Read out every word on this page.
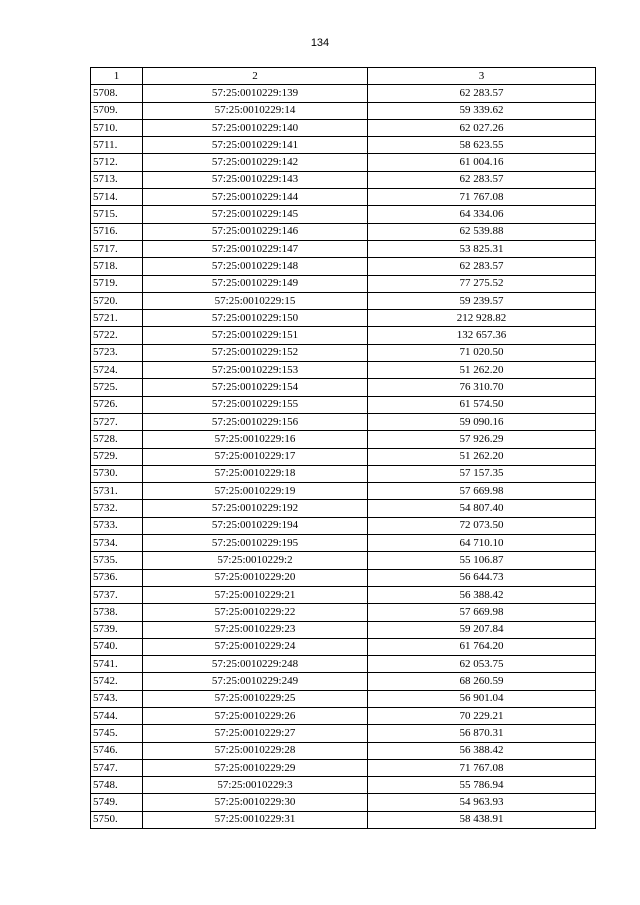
134
1	2	3
5708.	57:25:0010229:139	62 283.57
5709.	57:25:0010229:14	59 339.62
5710.	57:25:0010229:140	62 027.26
5711.	57:25:0010229:141	58 623.55
5712.	57:25:0010229:142	61 004.16
5713.	57:25:0010229:143	62 283.57
5714.	57:25:0010229:144	71 767.08
5715.	57:25:0010229:145	64 334.06
5716.	57:25:0010229:146	62 539.88
5717.	57:25:0010229:147	53 825.31
5718.	57:25:0010229:148	62 283.57
5719.	57:25:0010229:149	77 275.52
5720.	57:25:0010229:15	59 239.57
5721.	57:25:0010229:150	212 928.82
5722.	57:25:0010229:151	132 657.36
5723.	57:25:0010229:152	71 020.50
5724.	57:25:0010229:153	51 262.20
5725.	57:25:0010229:154	76 310.70
5726.	57:25:0010229:155	61 574.50
5727.	57:25:0010229:156	59 090.16
5728.	57:25:0010229:16	57 926.29
5729.	57:25:0010229:17	51 262.20
5730.	57:25:0010229:18	57 157.35
5731.	57:25:0010229:19	57 669.98
5732.	57:25:0010229:192	54 807.40
5733.	57:25:0010229:194	72 073.50
5734.	57:25:0010229:195	64 710.10
5735.	57:25:0010229:2	55 106.87
5736.	57:25:0010229:20	56 644.73
5737.	57:25:0010229:21	56 388.42
5738.	57:25:0010229:22	57 669.98
5739.	57:25:0010229:23	59 207.84
5740.	57:25:0010229:24	61 764.20
5741.	57:25:0010229:248	62 053.75
5742.	57:25:0010229:249	68 260.59
5743.	57:25:0010229:25	56 901.04
5744.	57:25:0010229:26	70 229.21
5745.	57:25:0010229:27	56 870.31
5746.	57:25:0010229:28	56 388.42
5747.	57:25:0010229:29	71 767.08
5748.	57:25:0010229:3	55 786.94
5749.	57:25:0010229:30	54 963.93
5750.	57:25:0010229:31	58 438.91
